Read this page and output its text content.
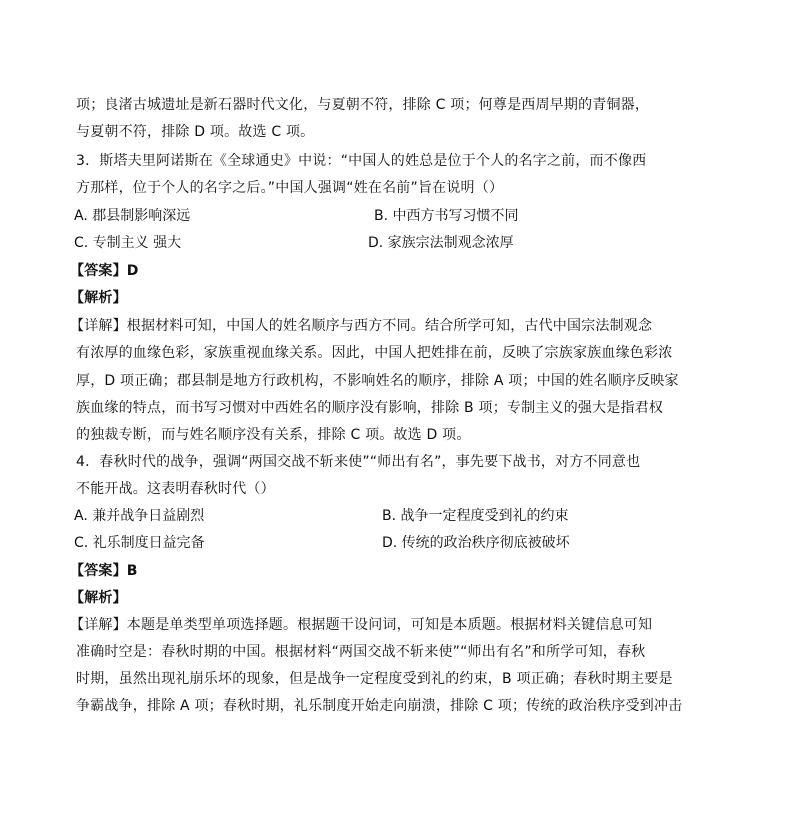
项；良渚古城遗址是新石器时代文化，与夏朝不符，排除 C 项；何尊是西周早期的青铜器，
与夏朝不符，排除 D 项。故选 C 项。
3．斯塔夫里阿诺斯在《全球通史》中说：“中国人的姓总是位于个人的名字之前，而不像西
方那样，位于个人的名字之后。”中国人强调“姓在名前”旨在说明（）
A. 郡县制影响深远	B. 中西方书写习惯不同
C. 专制主义 强大	D. 家族宗法制观念浓厚
【答案】D
【解析】
【详解】根据材料可知，中国人的姓名顺序与西方不同。结合所学可知，古代中国宗法制观念
有浓厚的血缘色彩，家族重视血缘关系。因此，中国人把姓排在前，反映了宗族家族血缘色彩浓
厚，D 项正确；郡县制是地方行政机构，不影响姓名的顺序，排除 A 项；中国的姓名顺序反映家
族血缘的特点，而书写习惯对中西姓名的顺序没有影响，排除 B 项；专制主义的强大是指君权
的独裁专断，而与姓名顺序没有关系，排除 C 项。故选 D 项。
4．春秋时代的战争，强调“两国交战不斩来使”“师出有名”，事先要下战书，对方不同意也
不能开战。这表明春秋时代（）
A. 兼并战争日益剧烈	B. 战争一定程度受到礼的约束
C. 礼乐制度日益完备	D. 传统的政治秩序彻底被破坏
【答案】B
【解析】
【详解】本题是单类型单项选择题。根据题干设问词，可知是本质题。根据材料关键信息可知
准确时空是：春秋时期的中国。根据材料“两国交战不斩来使”“师出有名”和所学可知，春秋
时期，虽然出现礼崩乐坏的现象，但是战争一定程度受到礼的约束，B 项正确；春秋时期主要是
争霸战争，排除 A 项；春秋时期，礼乐制度开始走向崩溃，排除 C 项；传统的政治秩序受到冲击
